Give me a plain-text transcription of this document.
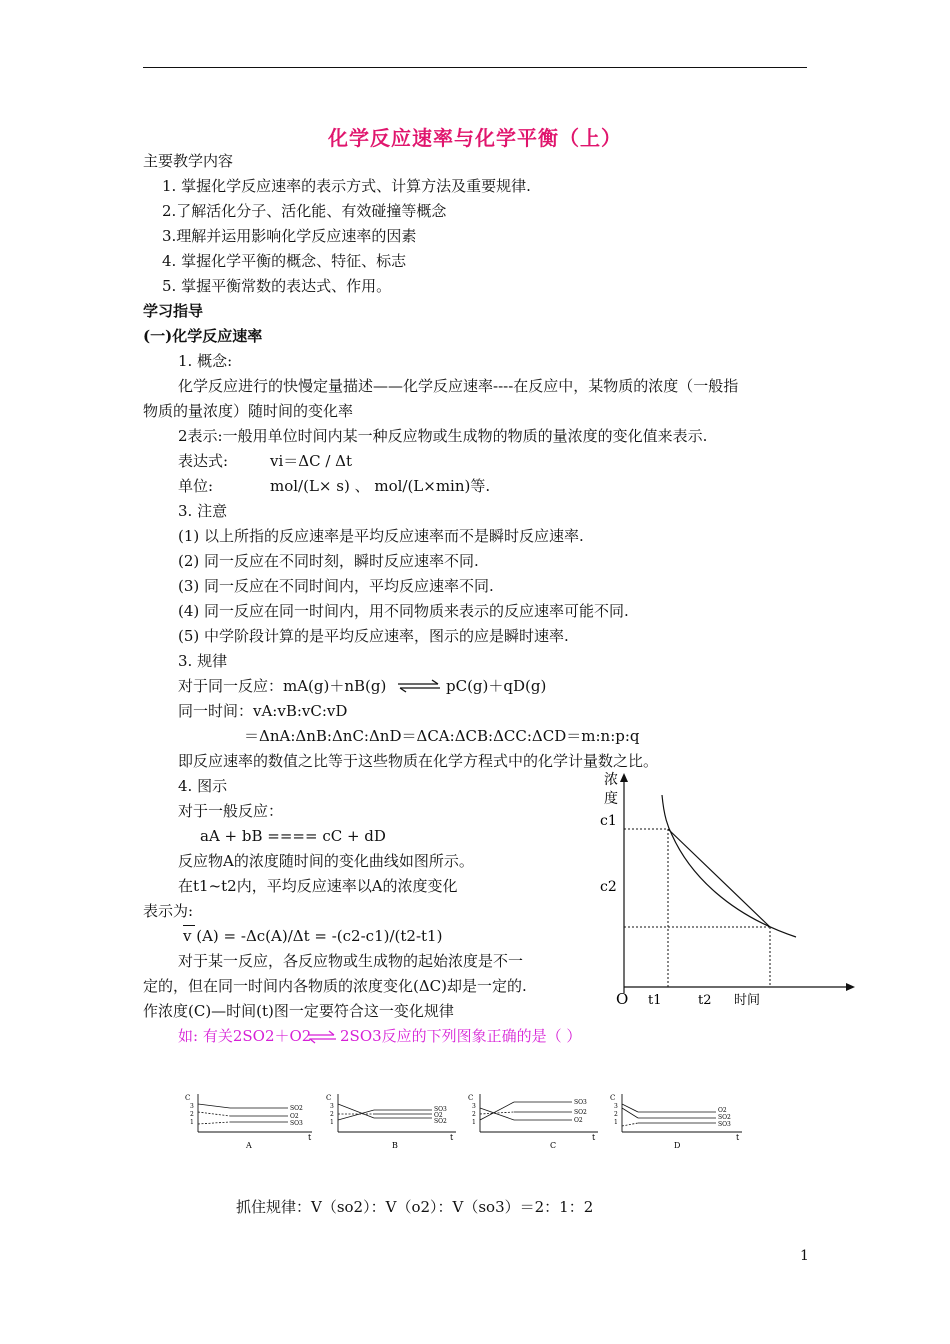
化学反应速率与化学平衡（上）
主要教学内容
1. 掌握化学反应速率的表示方式、计算方法及重要规律.
2.了解活化分子、活化能、有效碰撞等概念
3.理解并运用影响化学反应速率的因素
4. 掌握化学平衡的概念、特征、标志
5. 掌握平衡常数的表达式、作用。
学习指导
(一)化学反应速率
1. 概念:
化学反应进行的快慢定量描述——化学反应速率----在反应中，某物质的浓度（一般指
物质的量浓度）随时间的变化率
2表示:一般用单位时间内某一种反应物或生成物的物质的量浓度的变化值来表示.
表达式:	vi＝ΔC / Δt
单位:	mol/(L× s) 、 mol/(L×min)等.
3. 注意
(1) 以上所指的反应速率是平均反应速率而不是瞬时反应速率.
(2) 同一反应在不同时刻，瞬时反应速率不同.
(3) 同一反应在不同时间内，平均反应速率不同.
(4) 同一反应在同一时间内，用不同物质来表示的反应速率可能不同.
(5) 中学阶段计算的是平均反应速率，图示的应是瞬时速率.
3. 规律
对于同一反应：mA(g)＋nB(g) ⇌ pC(g)＋qD(g)
同一时间：vA:vB:vC:vD
＝ΔnA:ΔnB:ΔnC:ΔnD＝ΔCA:ΔCB:ΔCC:ΔCD＝m:n:p:q
即反应速率的数值之比等于这些物质在化学方程式中的化学计量数之比。
4. 图示
对于一般反应：
aA + bB ==== cC + dD
反应物A的浓度随时间的变化曲线如图所示。
在t1~t2内，平均反应速率以A的浓度变化
表示为:
v (A) = -Δc(A)/Δt = -(c2-c1)/(t2-t1)
对于某一反应，各反应物或生成物的起始浓度是不一
定的，但在同一时间内各物质的浓度变化(ΔC)却是一定的.
作浓度(C)—时间(t)图一定要符合这一变化规律
浓
度
c1
c2
O t1	t2 时间
如: 有关2SO2＋O2 2SO3反应的下列图象正确的是（ ）
C
3
2
1
SO2
O2
SO3
t
A
C
3
2
1
SO3
O2
SO2
t
B
C
3
2
1
SO3
SO2
O2
t
C
C
3
2
1
O2
SO2
SO3
t
D
抓住规律：V（so2）：V（o2）：V（so3）＝2：1：2
1
